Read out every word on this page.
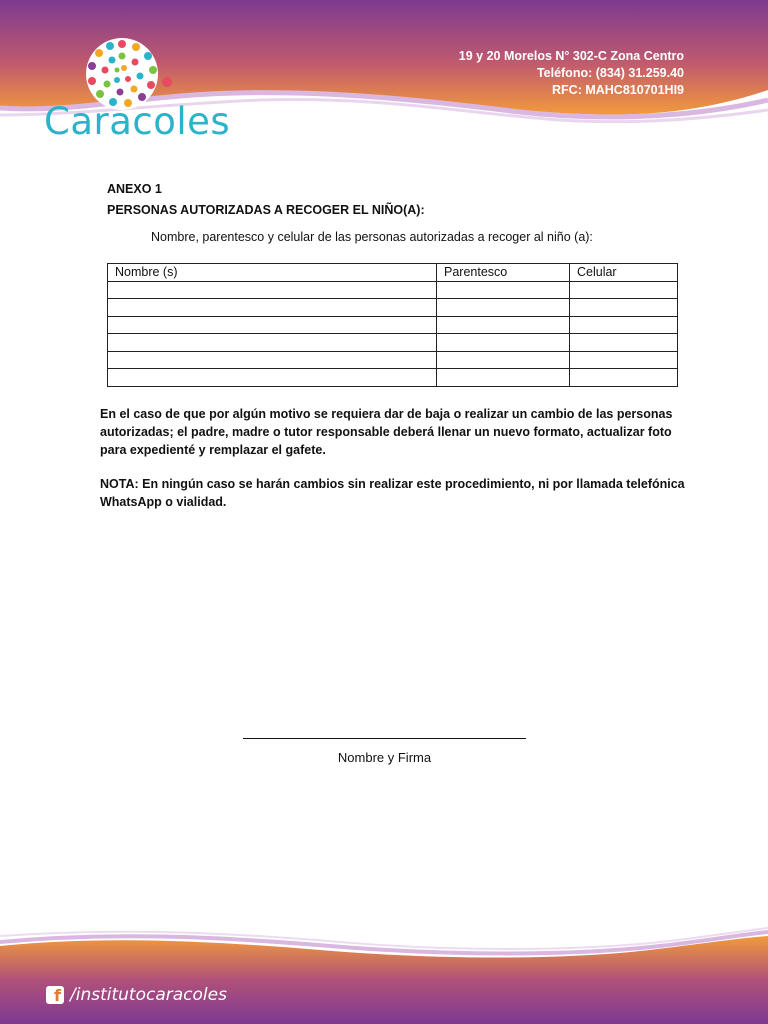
Caracoles
19 y 20 Morelos N° 302-C Zona Centro
Teléfono: (834) 31.259.40
RFC: MAHC810701HI9

ANEXO 1

PERSONAS AUTORIZADAS A RECOGER EL NIÑO(A):

Nombre, parentesco y celular de las personas autorizadas a recoger al niño (a):

Nombre (s)	Parentesco	Celular

En el caso de que por algún motivo se requiera dar de baja o realizar un cambio de las personas autorizadas; el padre, madre o tutor responsable deberá llenar un nuevo formato, actualizar foto para expedienté y remplazar el gafete.

NOTA: En ningún caso se harán cambios sin realizar este procedimiento, ni por llamada telefónica WhatsApp o vialidad.

Nombre y Firma
f /institutocaracoles
